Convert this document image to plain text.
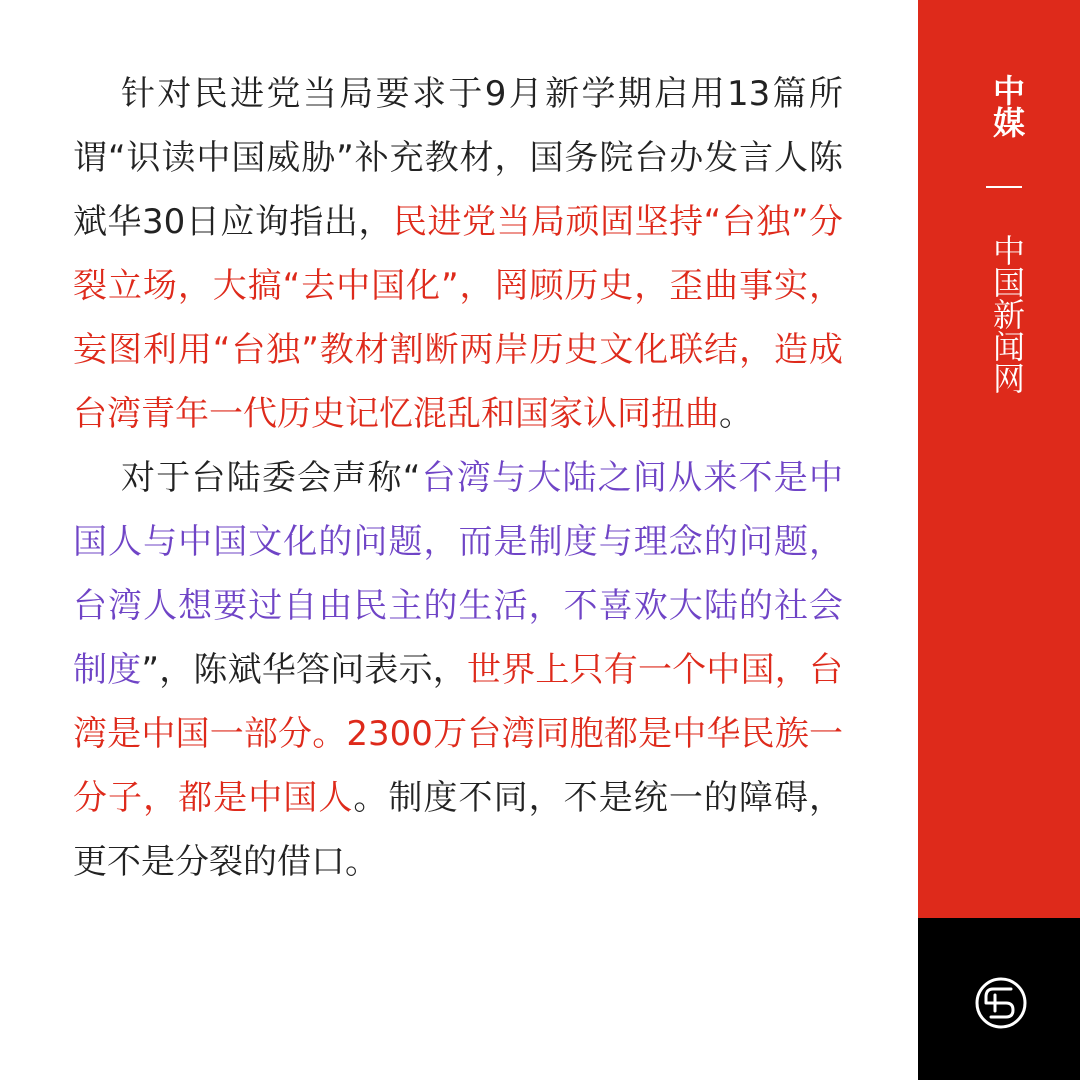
针对民进党当局要求于9月新学期启用13篇所谓“识读中国威胁”补充教材，国务院台办发言人陈斌华30日应询指出，民进党当局顽固坚持“台独”分裂立场，大搞“去中国化”，罔顾历史，歪曲事实，妄图利用“台独”教材割断两岸历史文化联结，造成台湾青年一代历史记忆混乱和国家认同扭曲。

对于台陆委会声称“台湾与大陆之间从来不是中国人与中国文化的问题，而是制度与理念的问题，台湾人想要过自由民主的生活，不喜欢大陆的社会制度”，陈斌华答问表示，世界上只有一个中国，台湾是中国一部分。2300万台湾同胞都是中华民族一分子，都是中国人。制度不同，不是统一的障碍，更不是分裂的借口。

中媒
中国新闻网
